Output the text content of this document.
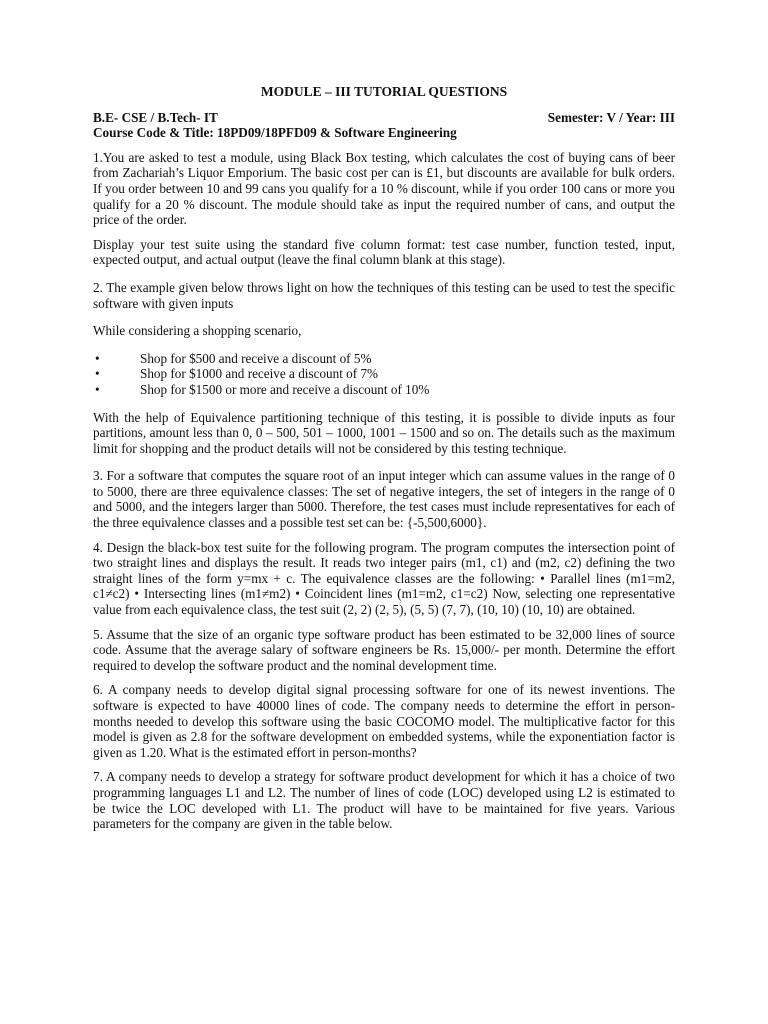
MODULE – III TUTORIAL QUESTIONS
B.E- CSE / B.Tech- IT	Semester: V / Year: III
Course Code & Title: 18PD09/18PFD09 & Software Engineering

1.You are asked to test a module, using Black Box testing, which calculates the cost of buying cans of beer from Zachariah’s Liquor Emporium. The basic cost per can is £1, but discounts are available for bulk orders. If you order between 10 and 99 cans you qualify for a 10 % discount, while if you order 100 cans or more you qualify for a 20 % discount. The module should take as input the required number of cans, and output the price of the order.

Display your test suite using the standard five column format: test case number, function tested, input, expected output, and actual output (leave the final column blank at this stage).

2. The example given below throws light on how the techniques of this testing can be used to test the specific software with given inputs

While considering a shopping scenario,

•	Shop for $500 and receive a discount of 5%
•	Shop for $1000 and receive a discount of 7%
•	Shop for $1500 or more and receive a discount of 10%

With the help of Equivalence partitioning technique of this testing, it is possible to divide inputs as four partitions, amount less than 0, 0 – 500, 501 – 1000, 1001 – 1500 and so on. The details such as the maximum limit for shopping and the product details will not be considered by this testing technique.

3. For a software that computes the square root of an input integer which can assume values in the range of 0 to 5000, there are three equivalence classes: The set of negative integers, the set of integers in the range of 0 and 5000, and the integers larger than 5000. Therefore, the test cases must include representatives for each of the three equivalence classes and a possible test set can be: {-5,500,6000}.

4. Design the black-box test suite for the following program. The program computes the intersection point of two straight lines and displays the result. It reads two integer pairs (m1, c1) and (m2, c2) defining the two straight lines of the form y=mx + c. The equivalence classes are the following: • Parallel lines (m1=m2, c1≠c2) • Intersecting lines (m1≠m2) • Coincident lines (m1=m2, c1=c2) Now, selecting one representative value from each equivalence class, the test suit (2, 2) (2, 5), (5, 5) (7, 7), (10, 10) (10, 10) are obtained.

5. Assume that the size of an organic type software product has been estimated to be 32,000 lines of source code. Assume that the average salary of software engineers be Rs. 15,000/- per month. Determine the effort required to develop the software product and the nominal development time.

6. A company needs to develop digital signal processing software for one of its newest inventions. The software is expected to have 40000 lines of code. The company needs to determine the effort in person-months needed to develop this software using the basic COCOMO model. The multiplicative factor for this model is given as 2.8 for the software development on embedded systems, while the exponentiation factor is given as 1.20. What is the estimated effort in person-months?

7. A company needs to develop a strategy for software product development for which it has a choice of two programming languages L1 and L2. The number of lines of code (LOC) developed using L2 is estimated to be twice the LOC developed with L1. The product will have to be maintained for five years. Various parameters for the company are given in the table below.
